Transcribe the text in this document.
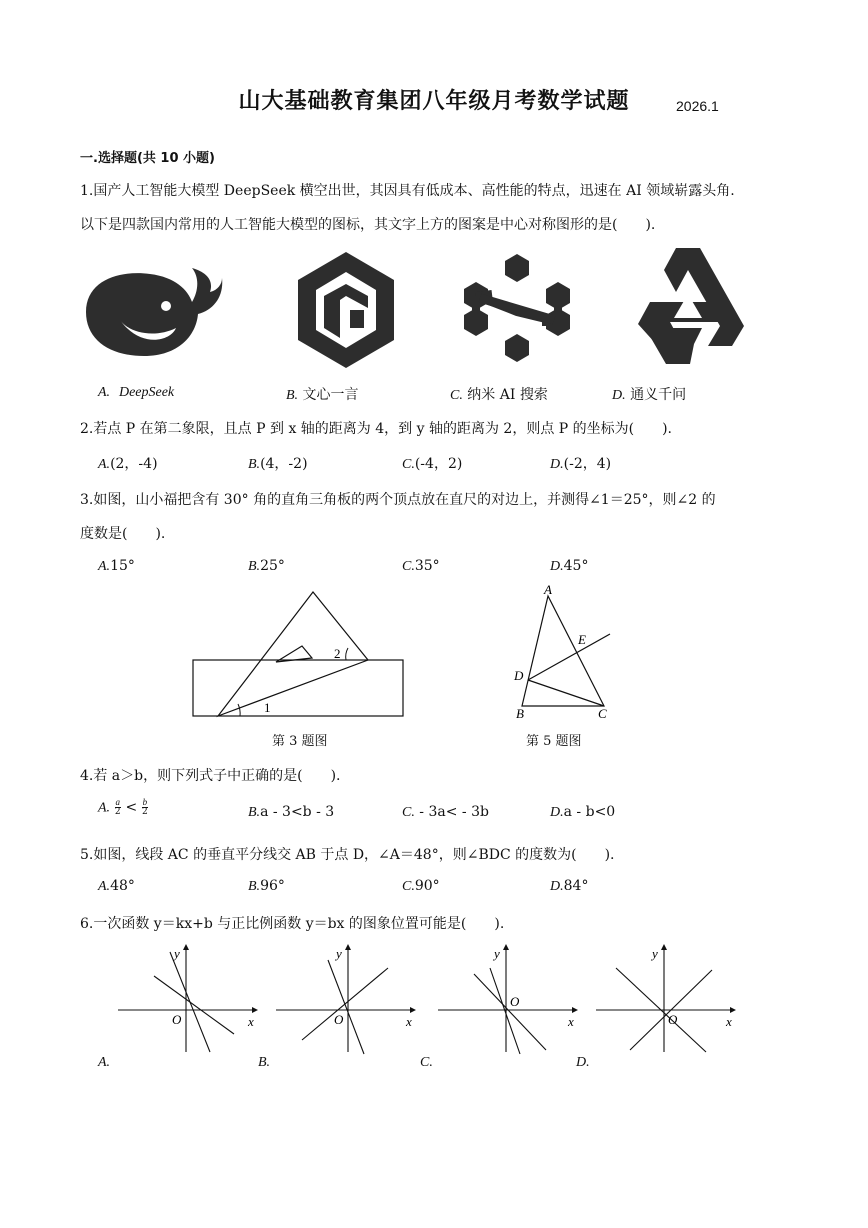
山大基础教育集团八年级月考数学试题	2026.1
一.选择题(共 10 小题)
1.国产人工智能大模型 DeepSeek 横空出世，其因具有低成本、高性能的特点，迅速在 AI 领域崭露头角.
以下是四款国内常用的人工智能大模型的图标，其文字上方的图案是中心对称图形的是(　　).
A. DeepSeek	B. 文心一言	C. 纳米 AI 搜索	D. 通义千问
2.若点 P 在第二象限，且点 P 到 x 轴的距离为 4，到 y 轴的距离为 2，则点 P 的坐标为(　　).
A.(2，-4)	B.(4，-2)	C.(-4，2)	D.(-2，4)
3.如图，山小福把含有 30° 角的直角三角板的两个顶点放在直尺的对边上，并测得∠1＝25°，则∠2 的
度数是(　　).
A.15°	B.25°	C.35°	D.45°
1
2
第 3 题图
A
B	C
D
E
第 5 题图
4.若 a＞b，则下列式子中正确的是(　　).
A. $\frac{a}{2} < \frac{b}{2}$	B.a - 3<b - 3	C. - 3a< - 3b	D.a - b<0
5.如图，线段 AC 的垂直平分线交 AB 于点 D，∠A＝48°，则∠BDC 的度数为(　　).
A.48°	B.96°	C.90°	D.84°
6.一次函数 y＝kx+b 与正比例函数 y＝bx 的图象位置可能是(　　).
y
x
O
A.
y
x
O
B.
y
x
O
C.
y
x
O
D.
